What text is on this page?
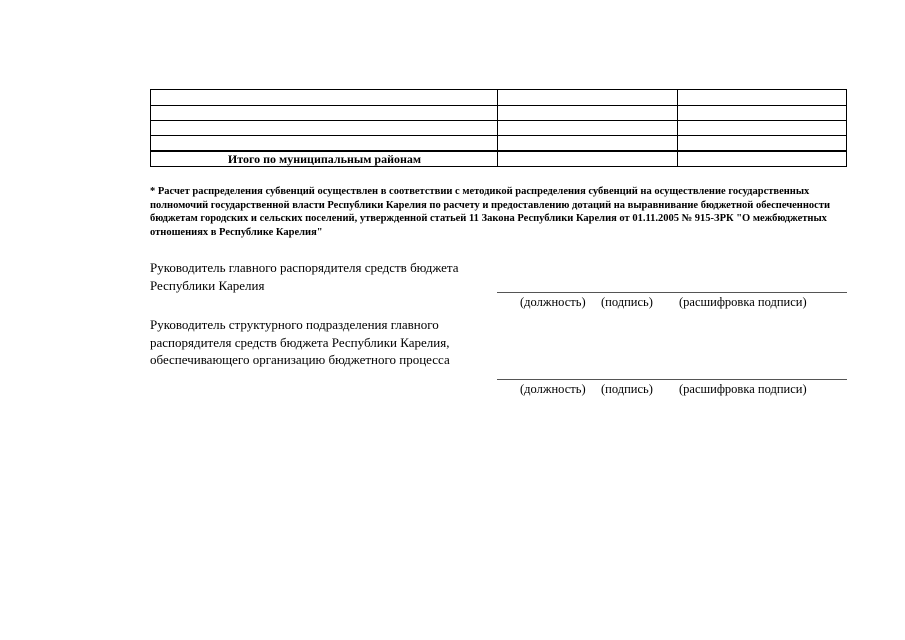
Итого по муниципальным районам
* Расчет распределения субвенций осуществлен в соответствии с методикой распределения субвенций на осуществление государственных полномочий государственной власти Республики Карелия по расчету и предоставлению дотаций на выравнивание бюджетной обеспеченности бюджетам городских и сельских поселений, утвержденной статьей 11 Закона Республики Карелия от 01.11.2005 № 915-ЗРК "О межбюджетных отношениях в Республике Карелия"
Руководитель главного распорядителя средств бюджета
Республики Карелия
(должность) (подпись) (расшифровка подписи)
Руководитель структурного подразделения главного
распорядителя средств бюджета Республики Карелия,
обеспечивающего организацию бюджетного процесса
(должность) (подпись) (расшифровка подписи)
